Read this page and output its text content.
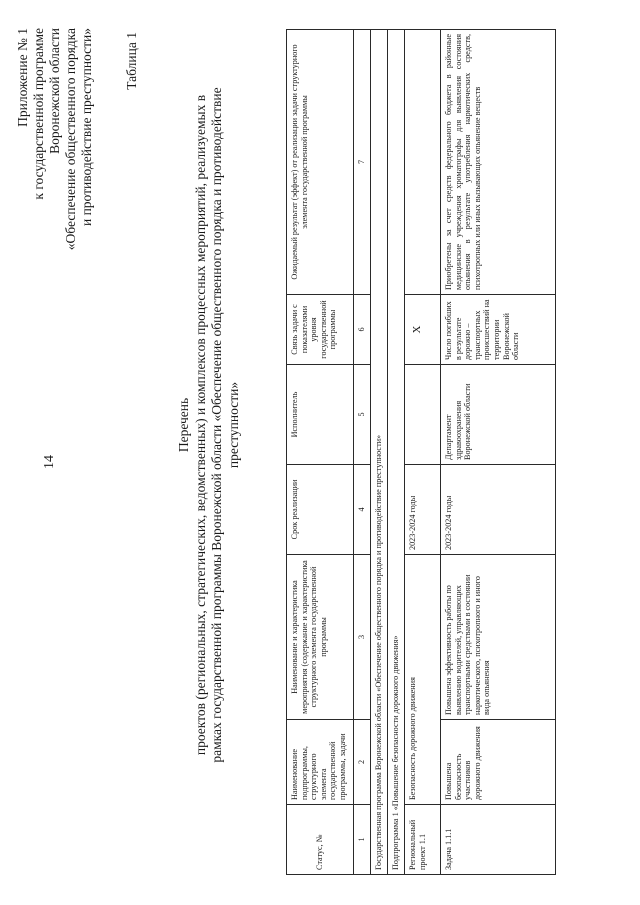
14
Приложение № 1 к государственной программе Воронежской области «Обеспечение общественного порядка и противодействие преступности» Таблица 1
Перечень проектов (региональных, стратегических, ведомственных) и комплексов процессных мероприятий, реализуемых в рамках государственной программы Воронежской области «Обеспечение общественного порядка и противодействие преступности»
Статус, №	Наименование подпрограммы, структурного элемента государственной программы, задачи	Наименование и характеристика мероприятия (содержание и характеристика структурного элемента государственной программы	Срок реализации	Исполнитель	Связь задачи с показателями уровня государственной программы	Ожидаемый результат (эффект) от реализации задачи структурного элемента государственной программы
1	2	3	4	5	6	7
Государственная программа Воронежской области «Обеспечение общественного порядка и противодействие преступности»						
Подпрограмма 1 «Повышение безопасности дорожного движения»						
Региональный проект 1.1	Безопасность дорожного движения		2023-2024 годы		X	
Задача 1.1.1	Повышена безопасность участников дорожного движения	Повышена эффективность работы по выявлению водителей, управляющих транспортными средствами в состоянии наркотического, психотропного и иного вида опьянения	2023-2024 годы	Департамент здравоохранения Воронежской области	Число погибших в результате дорожно – транспортных происшествий на территории Воронежской области	Приобретены за счет средств федерального бюджета в районные медицинские учреждения хроматографы для выявления состояния опьянения в результате употребления наркотических средств, психотропных или иных вызывающих опьянение веществ
